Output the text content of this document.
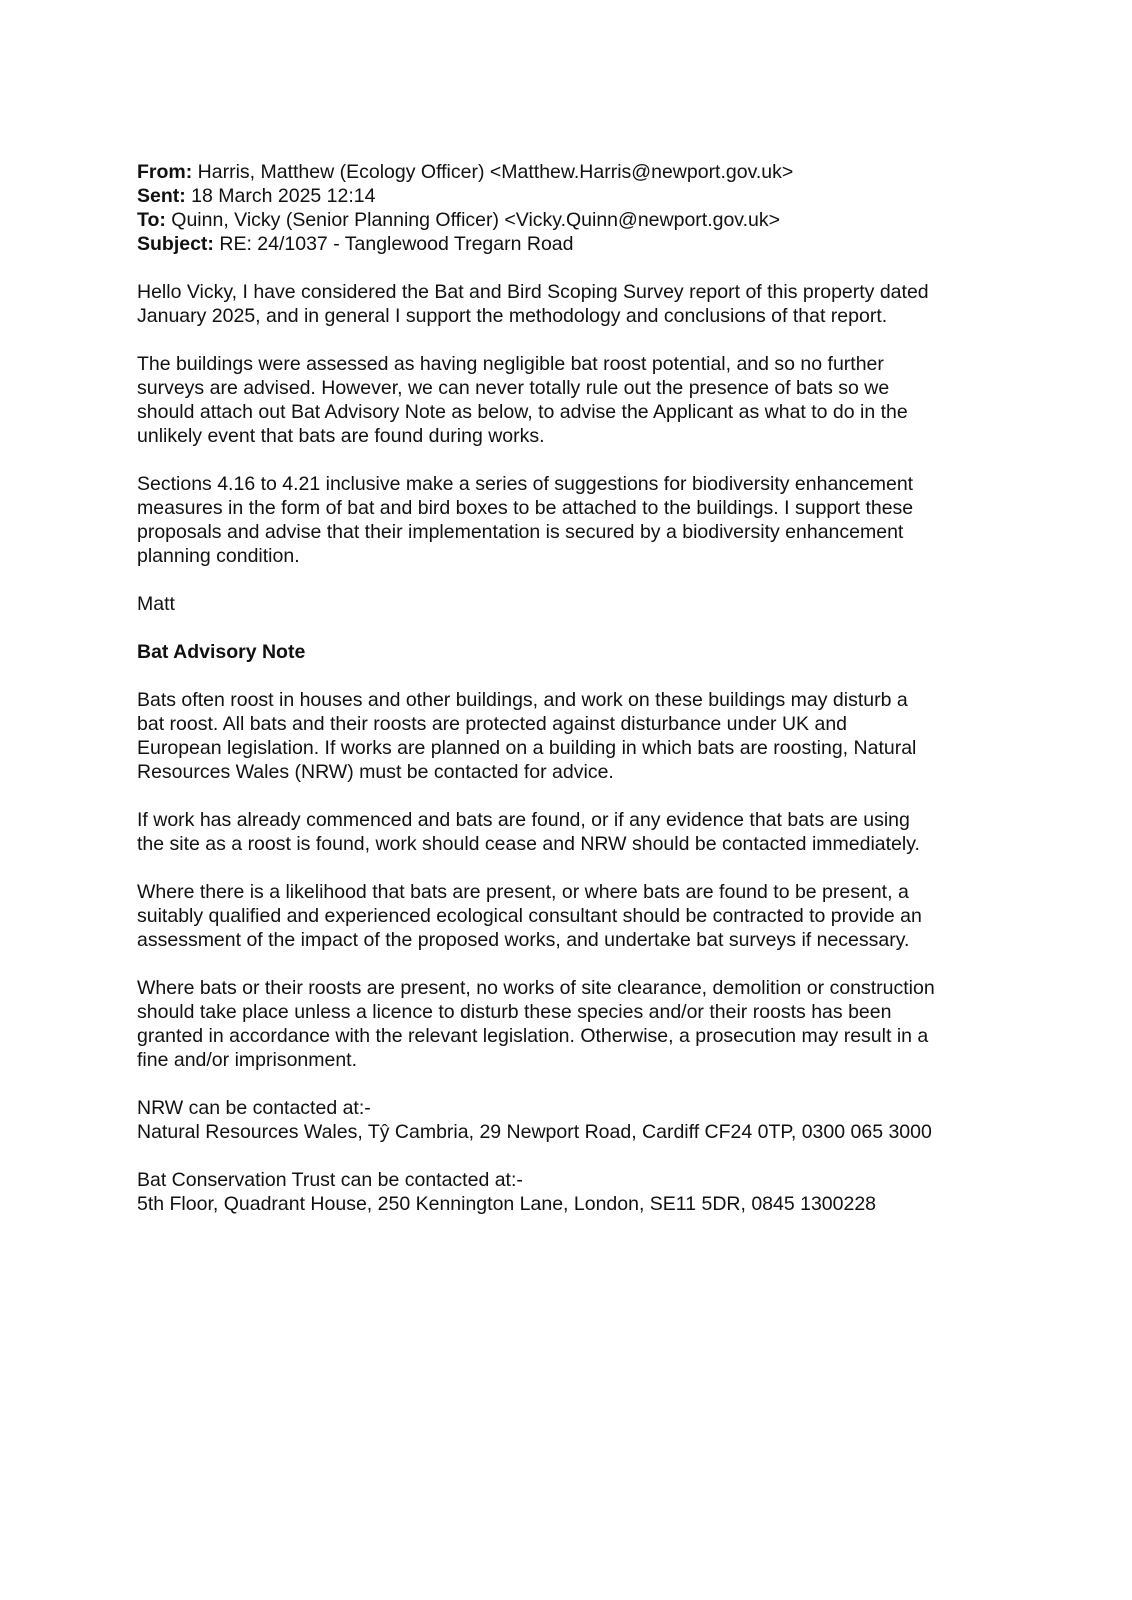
From: Harris, Matthew (Ecology Officer) <Matthew.Harris@newport.gov.uk>

Sent: 18 March 2025 12:14

To: Quinn, Vicky (Senior Planning Officer) <Vicky.Quinn@newport.gov.uk>

Subject: RE: 24/1037 - Tanglewood Tregarn Road

Hello Vicky, I have considered the Bat and Bird Scoping Survey report of this property dated
January 2025, and in general I support the methodology and conclusions of that report.

The buildings were assessed as having negligible bat roost potential, and so no further
surveys are advised. However, we can never totally rule out the presence of bats so we
should attach out Bat Advisory Note as below, to advise the Applicant as what to do in the
unlikely event that bats are found during works.

Sections 4.16 to 4.21 inclusive make a series of suggestions for biodiversity enhancement
measures in the form of bat and bird boxes to be attached to the buildings. I support these
proposals and advise that their implementation is secured by a biodiversity enhancement
planning condition.

Matt

Bat Advisory Note

Bats often roost in houses and other buildings, and work on these buildings may disturb a
bat roost. All bats and their roosts are protected against disturbance under UK and
European legislation. If works are planned on a building in which bats are roosting, Natural
Resources Wales (NRW) must be contacted for advice.

If work has already commenced and bats are found, or if any evidence that bats are using
the site as a roost is found, work should cease and NRW should be contacted immediately.

Where there is a likelihood that bats are present, or where bats are found to be present, a
suitably qualified and experienced ecological consultant should be contracted to provide an
assessment of the impact of the proposed works, and undertake bat surveys if necessary.

Where bats or their roosts are present, no works of site clearance, demolition or construction
should take place unless a licence to disturb these species and/or their roosts has been
granted in accordance with the relevant legislation. Otherwise, a prosecution may result in a
fine and/or imprisonment.

NRW can be contacted at:-

Natural Resources Wales, Tŷ Cambria, 29 Newport Road, Cardiff CF24 0TP, 0300 065 3000

Bat Conservation Trust can be contacted at:-

5th Floor, Quadrant House, 250 Kennington Lane, London, SE11 5DR, 0845 1300228
